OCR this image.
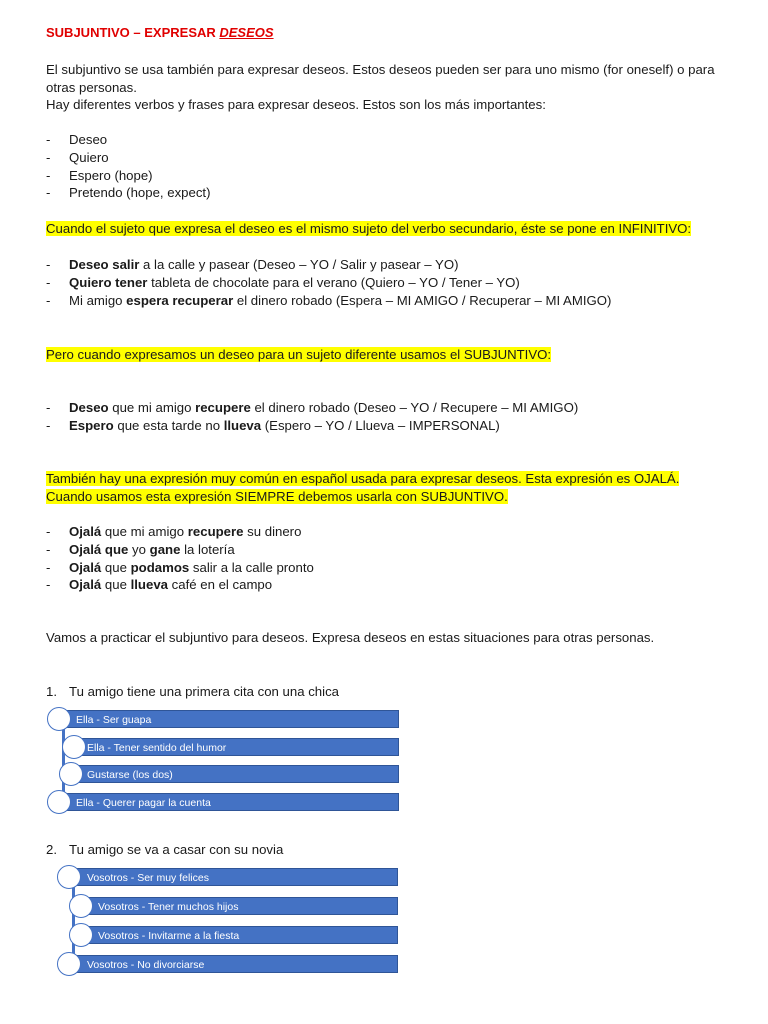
SUBJUNTIVO – EXPRESAR DESEOS

El subjuntivo se usa también para expresar deseos. Estos deseos pueden ser para uno mismo (for oneself) o para otras personas.

Hay diferentes verbos y frases para expresar deseos. Estos son los más importantes:

- Deseo
- Quiero
- Espero (hope)
- Pretendo (hope, expect)

Cuando el sujeto que expresa el deseo es el mismo sujeto del verbo secundario, éste se pone en INFINITIVO:

- Deseo salir a la calle y pasear (Deseo – YO / Salir y pasear – YO)
- Quiero tener tableta de chocolate para el verano (Quiero – YO / Tener – YO)
- Mi amigo espera recuperar el dinero robado (Espera – MI AMIGO / Recuperar – MI AMIGO)

Pero cuando expresamos un deseo para un sujeto diferente usamos el SUBJUNTIVO:

- Deseo que mi amigo recupere el dinero robado (Deseo – YO / Recupere – MI AMIGO)
- Espero que esta tarde no llueva (Espero – YO / Llueva – IMPERSONAL)

También hay una expresión muy común en español usada para expresar deseos. Esta expresión es OJALÁ.

Cuando usamos esta expresión SIEMPRE debemos usarla con SUBJUNTIVO.

- Ojalá que mi amigo recupere su dinero
- Ojalá que yo gane la lotería
- Ojalá que podamos salir a la calle pronto
- Ojalá que llueva café en el campo

Vamos a practicar el subjuntivo para deseos. Expresa deseos en estas situaciones para otras personas.

1. Tu amigo tiene una primera cita con una chica
2. Tu amigo se va a casar con su novia
Ella - Ser guapa
Ella - Tener sentido del humor
Gustarse (los dos)
Ella - Querer pagar la cuenta
Vosotros - Ser muy felices
Vosotros - Tener muchos hijos
Vosotros - Invitarme a la fiesta
Vosotros - No divorciarse
